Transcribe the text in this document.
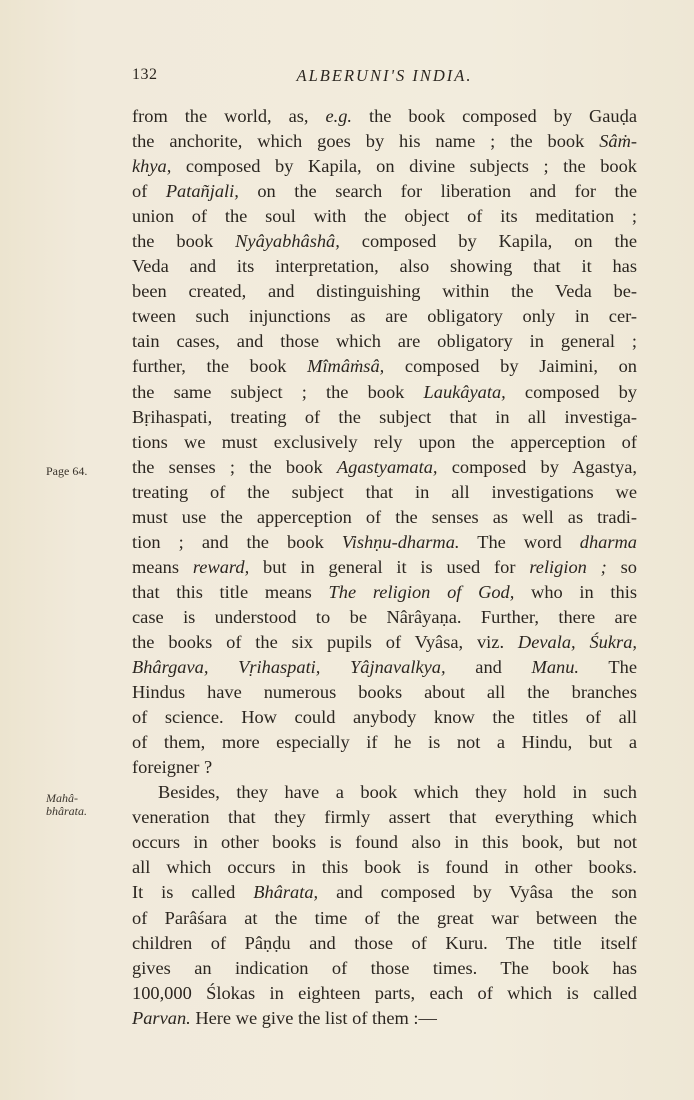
132	ALBERUNI'S INDIA.
Page 64.
Mahâ-
bhârata.
from the world, as, e.g. the book composed by Gauḍa
the anchorite, which goes by his name ; the book Sâṁ-
khya, composed by Kapila, on divine subjects ; the book
of Patañjali, on the search for liberation and for the
union of the soul with the object of its meditation ;
the book Nyâyabhâshâ, composed by Kapila, on the
Veda and its interpretation, also showing that it has
been created, and distinguishing within the Veda be-
tween such injunctions as are obligatory only in cer-
tain cases, and those which are obligatory in general ;
further, the book Mîmâṁsâ, composed by Jaimini, on
the same subject ; the book Laukâyata, composed by
Bṛihaspati, treating of the subject that in all investiga-
tions we must exclusively rely upon the apperception of
the senses ; the book Agastyamata, composed by Agastya,
treating of the subject that in all investigations we
must use the apperception of the senses as well as tradi-
tion ; and the book Vishṇu-dharma. The word dharma
means reward, but in general it is used for religion ; so
that this title means The religion of God, who in this
case is understood to be Nârâyaṇa. Further, there are
the books of the six pupils of Vyâsa, viz. Devala, Śukra,
Bhârgava, Vṛihaspati, Yâjnavalkya, and Manu. The
Hindus have numerous books about all the branches
of science. How could anybody know the titles of all
of them, more especially if he is not a Hindu, but a
foreigner ?
Besides, they have a book which they hold in such
veneration that they firmly assert that everything which
occurs in other books is found also in this book, but not
all which occurs in this book is found in other books.
It is called Bhârata, and composed by Vyâsa the son
of Parâśara at the time of the great war between the
children of Pâṇḍu and those of Kuru. The title itself
gives an indication of those times. The book has
100,000 Ślokas in eighteen parts, each of which is called
Parvan. Here we give the list of them :—
